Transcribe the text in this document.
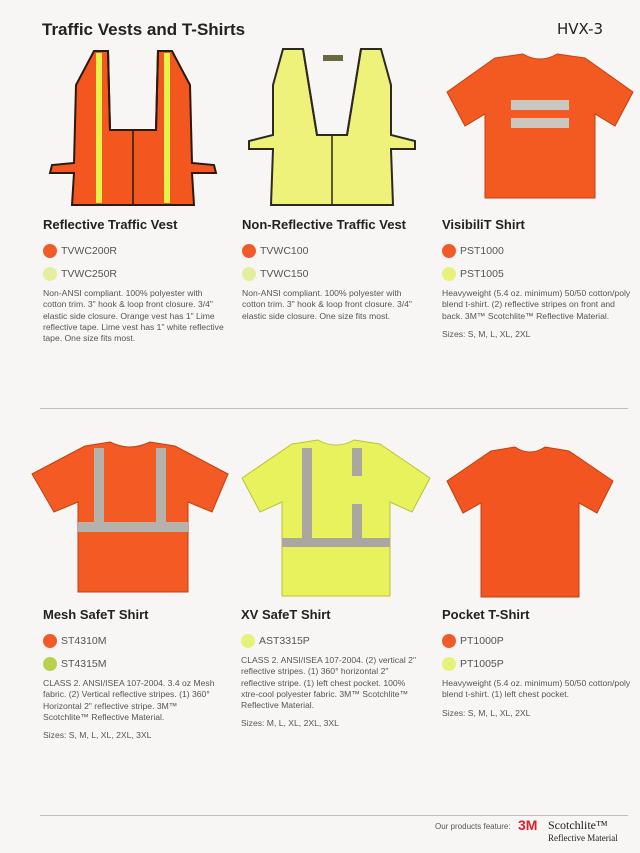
Traffic Vests and T-Shirts	HVX-3
Reflective Traffic Vest
TVWC200R
TVWC250R
Non-ANSI compliant. 100% polyester with cotton trim. 3" hook & loop front closure. 3/4" elastic side closure. Orange vest has 1" Lime reflective tape. Lime vest has 1" white reflective tape. One size fits most.
Non-Reflective Traffic Vest
TVWC100
TVWC150
Non-ANSI compliant. 100% polyester with cotton trim. 3" hook & loop front closure. 3/4" elastic side closure. One size fits most.
VisibiliT Shirt
PST1000
PST1005
Heavyweight (5.4 oz. minimum) 50/50 cotton/poly blend t-shirt. (2) reflective stripes on front and back. 3M™ Scotchlite™ Reflective Material.
Sizes: S, M, L, XL, 2XL
Mesh SafeT Shirt
ST4310M
ST4315M
CLASS 2. ANSI/ISEA 107-2004. 3.4 oz Mesh fabric. (2) Vertical reflective stripes. (1) 360° Horizontal 2" reflective stripe. 3M™ Scotchlite™ Reflective Material.
Sizes: S, M, L, XL, 2XL, 3XL
XV SafeT Shirt
AST3315P
CLASS 2. ANSI/ISEA 107-2004. (2) vertical 2" reflective stripes. (1) 360° horizontal 2" reflective stripe. (1) left chest pocket. 100% xtre-cool polyester fabric. 3M™ Scotchlite™ Reflective Material.
Sizes: M, L, XL, 2XL, 3XL
Pocket T-Shirt
PT1000P
PT1005P
Heavyweight (5.4 oz. minimum) 50/50 cotton/poly blend t-shirt. (1) left chest pocket.
Sizes: S, M, L, XL, 2XL
Our products feature: 3M Scotchlite™
Reflective Material
